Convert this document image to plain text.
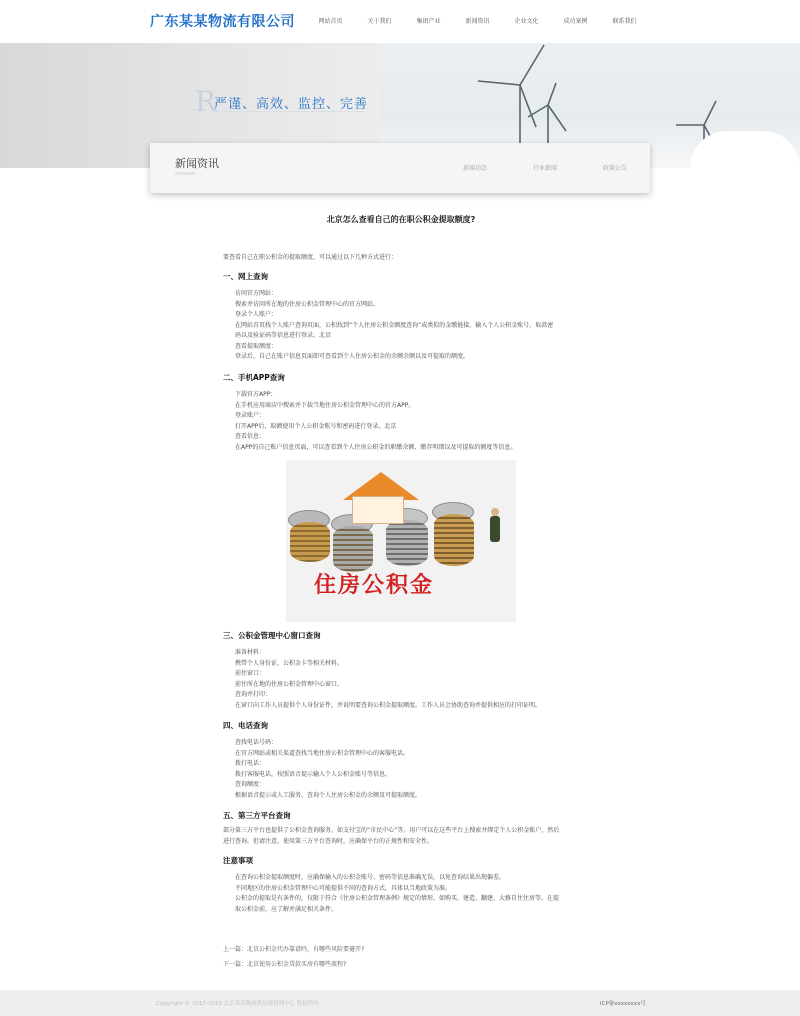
广东某某物流有限公司	网站首页	关于我们	集团产业	新闻资讯	企业文化	成功案例	联系我们
R
严谨、高效、监控、完善
新闻资讯	新闻动态	行业新闻	政策公告
北京怎么查看自己的在职公积金提取额度?
要查看自己在职公积金的提取额度，可以通过以下几种方式进行：
一、网上查询
访问官方网站：
搜索并访问所在地的住房公积金管理中心的官方网站。
登录个人账户：
在网站首页找个人账户查询页面，公积找到“个人住房公积金额度查询”或类似的金缴链接。输入个人公积金账号、取款密
码以及验证码等信息进行登录。北京
查看提取额度：
登录后，自己在账户信息页面即可查看到个人住房公积金的余额余额以及可提取的额度。
二、手机APP查询
下载官方APP：
在手机应用商店中搜索并下载当地住房公积金管理中心的官方APP。
登录账户：
打开APP后，取额使用个人公积金账号和密码进行登录。北京
查看信息：
在APP的自己账户信息页面，可以查看到个人住房公积金的职缴余额、缴存明细以及可提取的额度等信息。
住房公积金
三、公积金管理中心窗口查询
准备材料：
携带个人身份证、公积金卡等相关材料。
前往窗口：
前往所在地的住房公积金管理中心窗口。
查询并打印：
在窗口向工作人员提供个人身份证件，并说明要查询公积金提取额度。工作人员会协助查询并提供相应的打印证明。
四、电话查询
查找电话号码：
在官方网站或相关渠道查找当地住房公积金管理中心的客服电话。
拨打电话：
拨打客服电话，按照语音提示输入个人公积金账号等信息。
查询额度：
根据语音提示或人工服务，查询个人住房公积金的余额及可提取额度。
五、第三方平台查询
部分第三方平台也提供了公积金查询服务，如支付宝的“市民中心”等。用户可以在这些平台上搜索并绑定个人公积金账户，然后
进行查询。但请注意，使用第三方平台查询时，应确保平台的正规性和安全性。
注意事项
在查询公积金提取额度时，应确保输入的公积金账号、密码等信息准确无误，以免查询结果出现偏差。
不同地区的住房公积金管理中心可能提供不同的查询方式，具体以当地政策为准。
公积金的提取是有条件的，仅限于符合《住房公积金管理条例》规定的情形，如购买、建造、翻建、大修自住住房等。在提
取公积金前，应了解并满足相关条件。
上一篇：北京公积金代办靠谱吗，有哪些风险要避开?
下一篇：北京使用公积金贷款买房有哪些流程?
Copyright © 2017-2019 北京某某物流供应链管理中心 版权所有	ICP备xxxxxxxx号
